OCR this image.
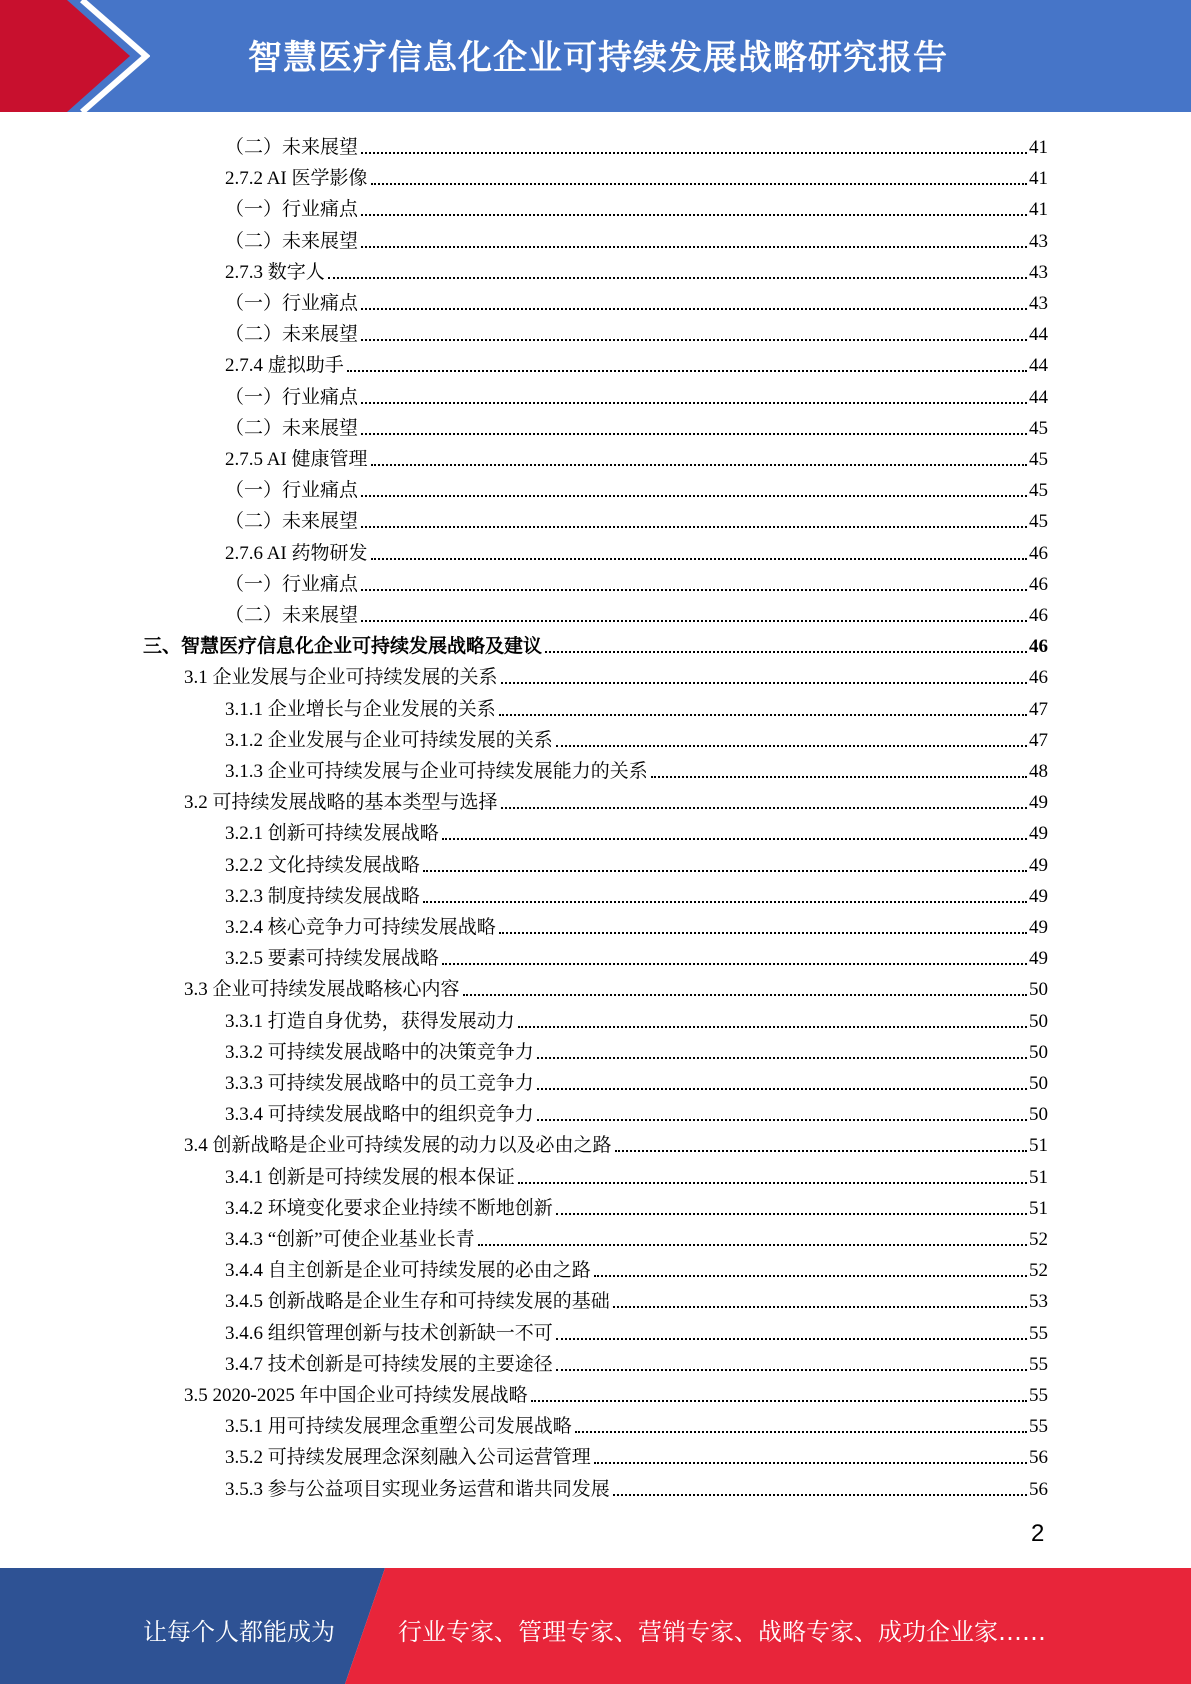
智慧医疗信息化企业可持续发展战略研究报告
（二）未来展望	41
2.7.2 AI 医学影像	41
（一）行业痛点	41
（二）未来展望	43
2.7.3 数字人	43
（一）行业痛点	43
（二）未来展望	44
2.7.4 虚拟助手	44
（一）行业痛点	44
（二）未来展望	45
2.7.5 AI 健康管理	45
（一）行业痛点	45
（二）未来展望	45
2.7.6 AI 药物研发	46
（一）行业痛点	46
（二）未来展望	46
三、智慧医疗信息化企业可持续发展战略及建议	46
3.1 企业发展与企业可持续发展的关系	46
3.1.1 企业增长与企业发展的关系	47
3.1.2 企业发展与企业可持续发展的关系	47
3.1.3 企业可持续发展与企业可持续发展能力的关系	48
3.2 可持续发展战略的基本类型与选择	49
3.2.1 创新可持续发展战略	49
3.2.2 文化持续发展战略	49
3.2.3 制度持续发展战略	49
3.2.4 核心竞争力可持续发展战略	49
3.2.5 要素可持续发展战略	49
3.3 企业可持续发展战略核心内容	50
3.3.1 打造自身优势，获得发展动力	50
3.3.2 可持续发展战略中的决策竞争力	50
3.3.3 可持续发展战略中的员工竞争力	50
3.3.4 可持续发展战略中的组织竞争力	50
3.4 创新战略是企业可持续发展的动力以及必由之路	51
3.4.1 创新是可持续发展的根本保证	51
3.4.2 环境变化要求企业持续不断地创新	51
3.4.3 “创新”可使企业基业长青	52
3.4.4 自主创新是企业可持续发展的必由之路	52
3.4.5 创新战略是企业生存和可持续发展的基础	53
3.4.6 组织管理创新与技术创新缺一不可	55
3.4.7 技术创新是可持续发展的主要途径	55
3.5 2020-2025 年中国企业可持续发展战略	55
3.5.1 用可持续发展理念重塑公司发展战略	55
3.5.2 可持续发展理念深刻融入公司运营管理	56
3.5.3 参与公益项目实现业务运营和谐共同发展	56
2
让每个人都能成为	行业专家、管理专家、营销专家、战略专家、成功企业家……
